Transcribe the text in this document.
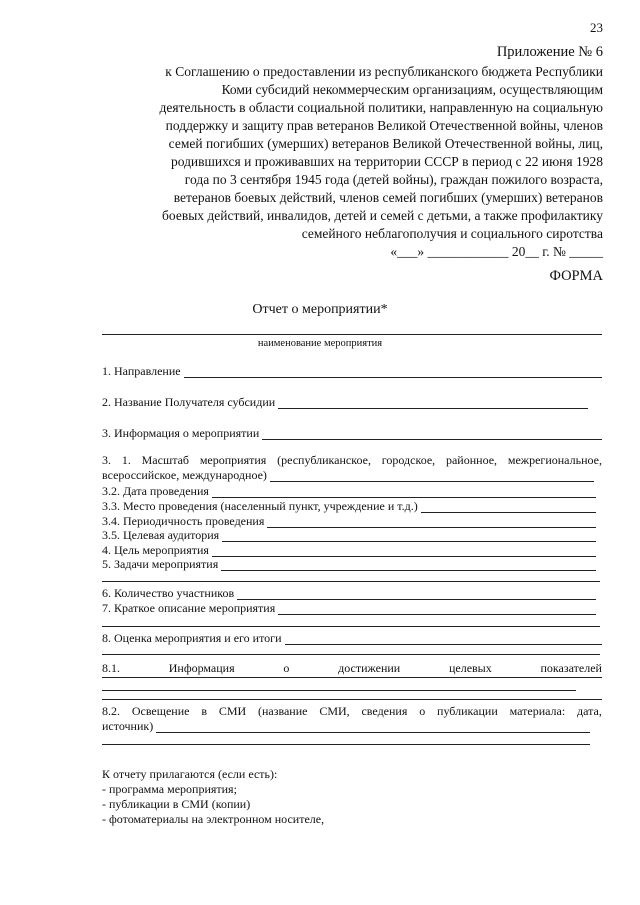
23
Приложение № 6
к Соглашению о предоставлении из республиканского бюджета Республики
Коми субсидий некоммерческим организациям, осуществляющим
деятельность в области социальной политики, направленную на социальную
поддержку и защиту прав ветеранов Великой Отечественной войны, членов
семей погибших (умерших) ветеранов Великой Отечественной войны, лиц,
родившихся и проживавших на территории СССР в период с 22 июня 1928
года по 3 сентября 1945 года (детей войны), граждан пожилого возраста,
ветеранов боевых действий, членов семей погибших (умерших) ветеранов
боевых действий, инвалидов, детей и семей с детьми, а также профилактику
семейного неблагополучия и социального сиротства
«___» ____________ 20__ г. № _____
ФОРМА
Отчет о мероприятии*
наименование мероприятия
1. Направление
2. Название Получателя субсидии
3. Информация о мероприятии
3. 1. Масштаб мероприятия (республиканское, городское, районное, межрегиональное,
всероссийское, международное)
3.2. Дата проведения
3.3. Место проведения (населенный пункт, учреждение и т.д.)
3.4. Периодичность проведения
3.5. Целевая аудитория
4. Цель мероприятия
5. Задачи мероприятия
6. Количество участников
7. Краткое описание мероприятия
8. Оценка мероприятия и его итоги
8.1.	Информация	о	достижении	целевых	показателей
8.2. Освещение в СМИ (название СМИ, сведения о публикации материала: дата,
источник)
К отчету прилагаются (если есть):
- программа мероприятия;
- публикации в СМИ (копии)
- фотоматериалы на электронном носителе,
